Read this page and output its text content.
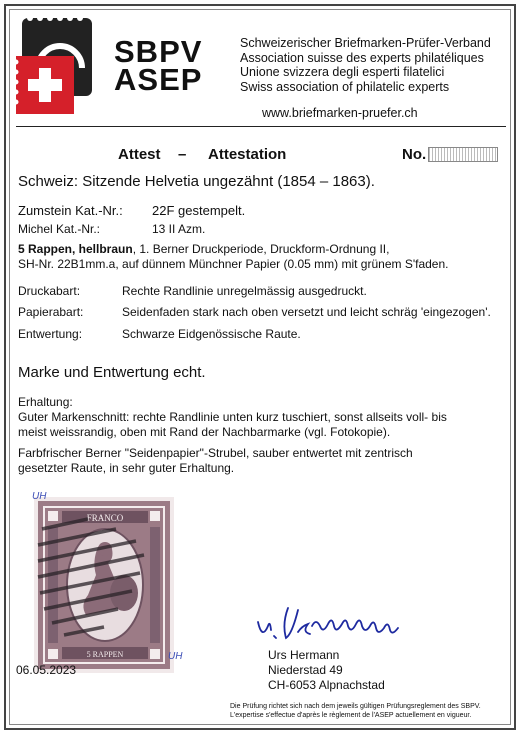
SBPV
ASEP
Schweizerischer Briefmarken-Prüfer-Verband
Association suisse des experts philatéliques
Unione svizzera degli esperti filatelici
Swiss association of philatelic experts
www.briefmarken-pruefer.ch
Attest – Attestation	No.
Schweiz: Sitzende Helvetia ungezähnt (1854 – 1863).
Zumstein Kat.-Nr.: 22F gestempelt.
Michel Kat.-Nr.:	13 II Azm.
5 Rappen, hellbraun, 1. Berner Druckperiode, Druckform-Ordnung II,
SH-Nr. 22B1mm.a, auf dünnem Münchner Papier (0.05 mm) mit grünem S'faden.
Druckabart:	Rechte Randlinie unregelmässig ausgedruckt.
Papierabart:	Seidenfaden stark nach oben versetzt und leicht schräg 'eingezogen'.
Entwertung:	Schwarze Eidgenössische Raute.
Marke und Entwertung echt.
Erhaltung:
Guter Markenschnitt: rechte Randlinie unten kurz tuschiert, sonst allseits voll- bis
meist weissrandig, oben mit Rand der Nachbarmarke (vgl. Fotokopie).
Farbfrischer Berner "Seidenpapier"-Strubel, sauber entwertet mit zentrisch
gesetzter Raute, in sehr guter Erhaltung.
FRANCO
5 RAPPEN
UH
UH
06.05.2023
Urs Hermann
Niederstad 49
CH-6053 Alpnachstad
Die Prüfung richtet sich nach dem jeweils gültigen Prüfungsreglement des SBPV.
L'expertise s'effectue d'après le règlement de l'ASEP actuellement en vigueur.
